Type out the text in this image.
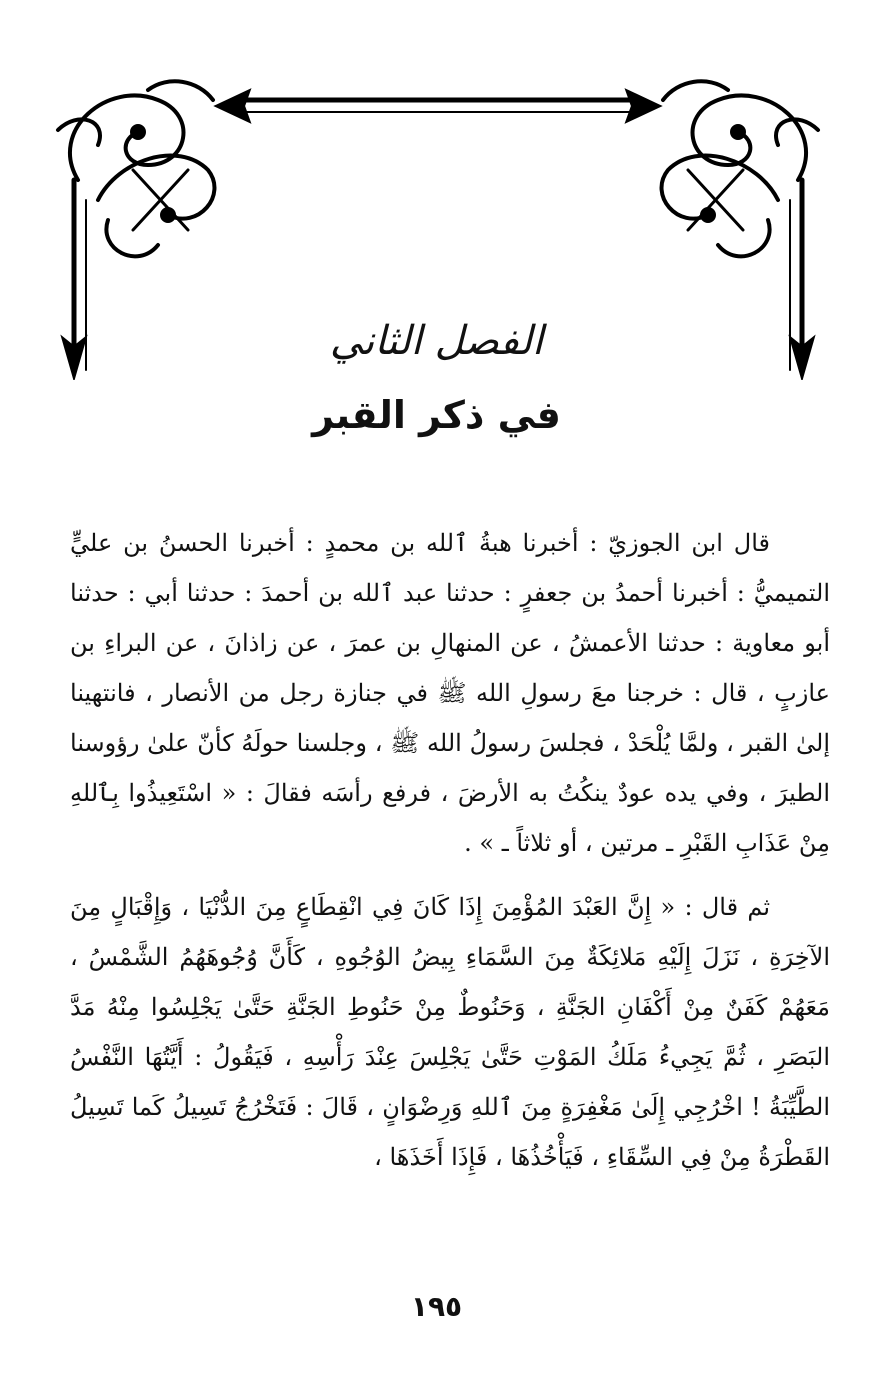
الفصل الثاني
في ذكر القبر

قال ابن الجوزيّ : أخبرنا هبةُ ٱلله بن محمدٍ : أخبرنا الحسنُ بن عليٍّ التميميُّ : أخبرنا أحمدُ بن جعفرٍ : حدثنا عبد ٱلله بن أحمدَ : حدثنا أبي : حدثنا أبو معاوية : حدثنا الأعمشُ ، عن المنهالِ بن عمرَ ، عن زاذانَ ، عن البراءِ بن عازبٍ ، قال : خرجنا معَ رسولِ الله ﷺ في جنازة رجل من الأنصار ، فانتهينا إلىٰ القبر ، ولمَّا يُلْحَدْ ، فجلسَ رسولُ الله ﷺ ، وجلسنا حولَهُ كأنّ علىٰ رؤوسنا الطيرَ ، وفي يده عودٌ ينكُتُ به الأرضَ ، فرفع رأسَه فقالَ : « اسْتَعِيذُوا بِٱللهِ مِنْ عَذَابِ القَبْرِ ـ مرتين ، أو ثلاثاً ـ » .

ثم قال : « إِنَّ العَبْدَ المُؤْمِنَ إِذَا كَانَ فِي انْقِطَاعٍ مِنَ الدُّنْيَا ، وَإِقْبَالٍ مِنَ الآخِرَةِ ، نَزَلَ إِلَيْهِ مَلائِكَةٌ مِنَ السَّمَاءِ بِيضُ الوُجُوهِ ، كَأَنَّ وُجُوهَهُمُ الشَّمْسُ ، مَعَهُمْ كَفَنٌ مِنْ أَكْفَانِ الجَنَّةِ ، وَحَنُوطٌ مِنْ حَنُوطِ الجَنَّةِ حَتَّىٰ يَجْلِسُوا مِنْهُ مَدَّ البَصَرِ ، ثُمَّ يَجِيءُ مَلَكُ المَوْتِ حَتَّىٰ يَجْلِسَ عِنْدَ رَأْسِهِ ، فَيَقُولُ : أَيَّتُهَا النَّفْسُ الطَّيِّبَةُ ! اخْرُجِي إِلَىٰ مَغْفِرَةٍ مِنَ ٱللهِ وَرِضْوَانٍ ، قَالَ : فَتَخْرُجُ تَسِيلُ كَما تَسِيلُ القَطْرَةُ مِنْ فِي السِّقَاءِ ، فَيَأْخُذُهَا ، فَإِذَا أَخَذَهَا ،

١٩٥
